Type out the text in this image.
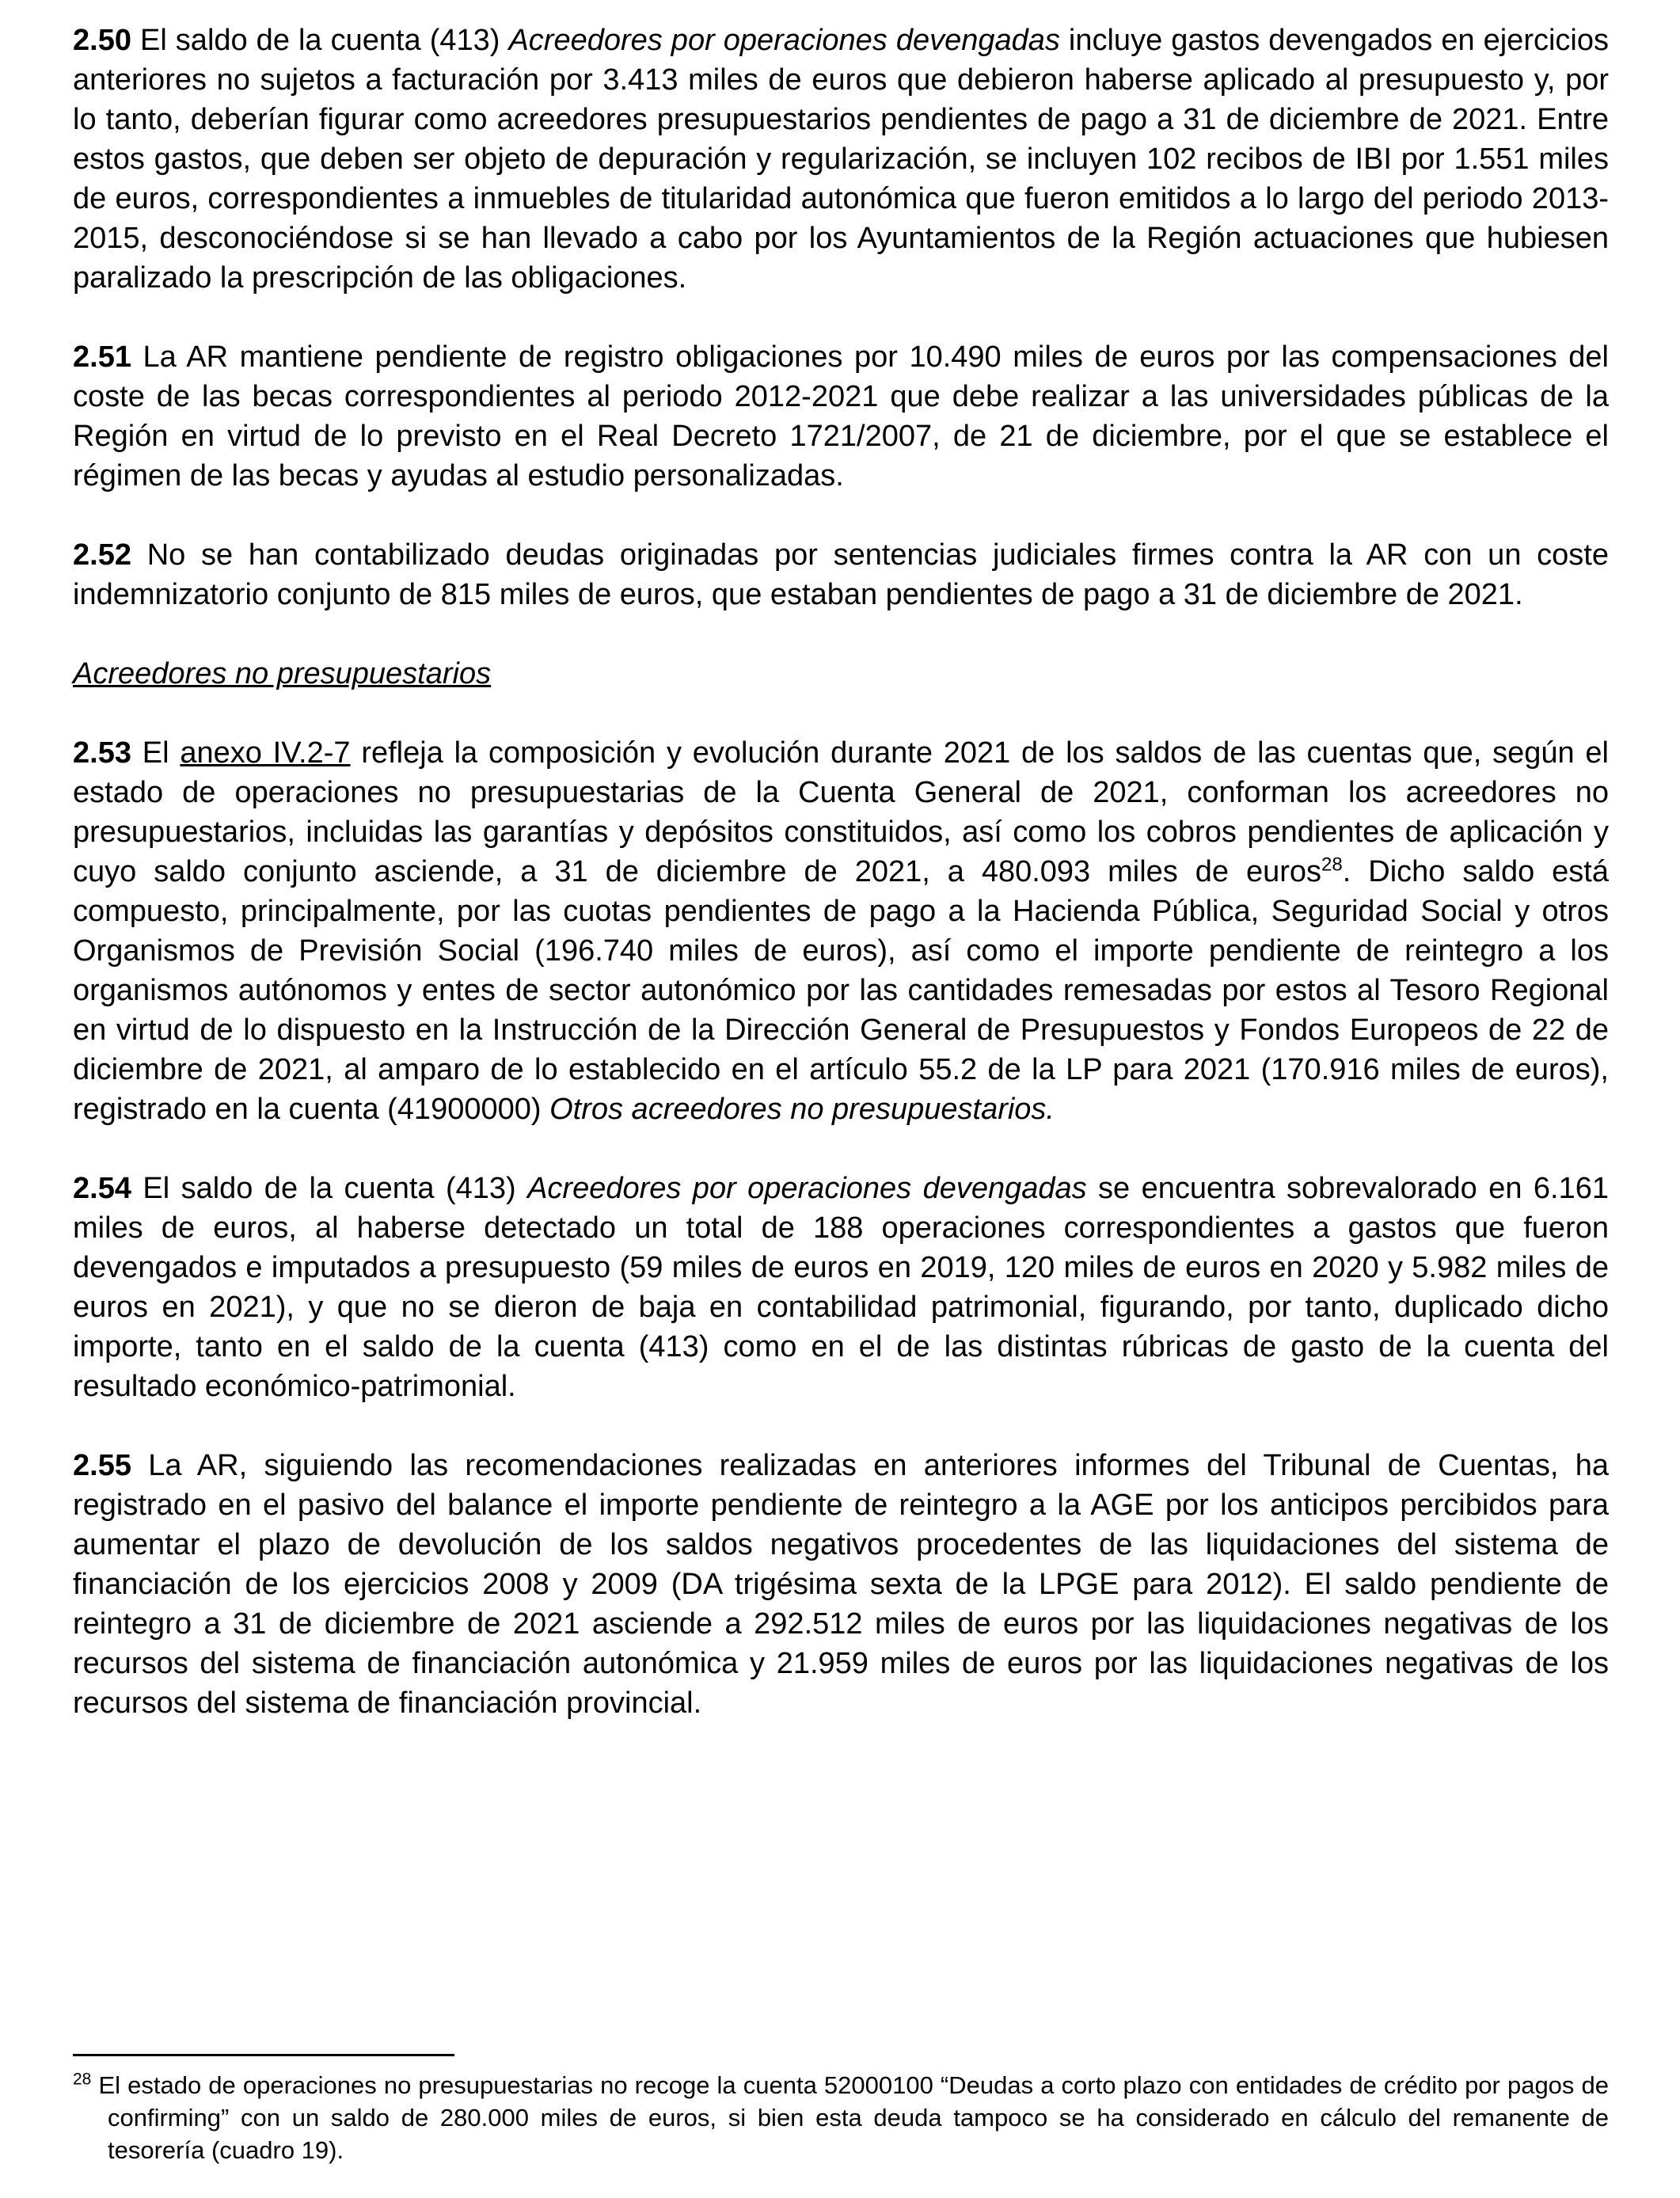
2.50 El saldo de la cuenta (413) Acreedores por operaciones devengadas incluye gastos devengados en ejercicios anteriores no sujetos a facturación por 3.413 miles de euros que debieron haberse aplicado al presupuesto y, por lo tanto, deberían figurar como acreedores presupuestarios pendientes de pago a 31 de diciembre de 2021. Entre estos gastos, que deben ser objeto de depuración y regularización, se incluyen 102 recibos de IBI por 1.551 miles de euros, correspondientes a inmuebles de titularidad autonómica que fueron emitidos a lo largo del periodo 2013-2015, desconociéndose si se han llevado a cabo por los Ayuntamientos de la Región actuaciones que hubiesen paralizado la prescripción de las obligaciones.

2.51 La AR mantiene pendiente de registro obligaciones por 10.490 miles de euros por las compensaciones del coste de las becas correspondientes al periodo 2012-2021 que debe realizar a las universidades públicas de la Región en virtud de lo previsto en el Real Decreto 1721/2007, de 21 de diciembre, por el que se establece el régimen de las becas y ayudas al estudio personalizadas.

2.52 No se han contabilizado deudas originadas por sentencias judiciales firmes contra la AR con un coste indemnizatorio conjunto de 815 miles de euros, que estaban pendientes de pago a 31 de diciembre de 2021.

Acreedores no presupuestarios

2.53 El anexo IV.2-7 refleja la composición y evolución durante 2021 de los saldos de las cuentas que, según el estado de operaciones no presupuestarias de la Cuenta General de 2021, conforman los acreedores no presupuestarios, incluidas las garantías y depósitos constituidos, así como los cobros pendientes de aplicación y cuyo saldo conjunto asciende, a 31 de diciembre de 2021, a 480.093 miles de euros$^{28}$. Dicho saldo está compuesto, principalmente, por las cuotas pendientes de pago a la Hacienda Pública, Seguridad Social y otros Organismos de Previsión Social (196.740 miles de euros), así como el importe pendiente de reintegro a los organismos autónomos y entes de sector autonómico por las cantidades remesadas por estos al Tesoro Regional en virtud de lo dispuesto en la Instrucción de la Dirección General de Presupuestos y Fondos Europeos de 22 de diciembre de 2021, al amparo de lo establecido en el artículo 55.2 de la LP para 2021 (170.916 miles de euros), registrado en la cuenta (41900000) Otros acreedores no presupuestarios.

2.54 El saldo de la cuenta (413) Acreedores por operaciones devengadas se encuentra sobrevalorado en 6.161 miles de euros, al haberse detectado un total de 188 operaciones correspondientes a gastos que fueron devengados e imputados a presupuesto (59 miles de euros en 2019, 120 miles de euros en 2020 y 5.982 miles de euros en 2021), y que no se dieron de baja en contabilidad patrimonial, figurando, por tanto, duplicado dicho importe, tanto en el saldo de la cuenta (413) como en el de las distintas rúbricas de gasto de la cuenta del resultado económico-patrimonial.

2.55 La AR, siguiendo las recomendaciones realizadas en anteriores informes del Tribunal de Cuentas, ha registrado en el pasivo del balance el importe pendiente de reintegro a la AGE por los anticipos percibidos para aumentar el plazo de devolución de los saldos negativos procedentes de las liquidaciones del sistema de financiación de los ejercicios 2008 y 2009 (DA trigésima sexta de la LPGE para 2012). El saldo pendiente de reintegro a 31 de diciembre de 2021 asciende a 292.512 miles de euros por las liquidaciones negativas de los recursos del sistema de financiación autonómica y 21.959 miles de euros por las liquidaciones negativas de los recursos del sistema de financiación provincial.

$^{28}$ El estado de operaciones no presupuestarias no recoge la cuenta 52000100 “Deudas a corto plazo con entidades de crédito por pagos de confirming” con un saldo de 280.000 miles de euros, si bien esta deuda tampoco se ha considerado en cálculo del remanente de tesorería (cuadro 19).
